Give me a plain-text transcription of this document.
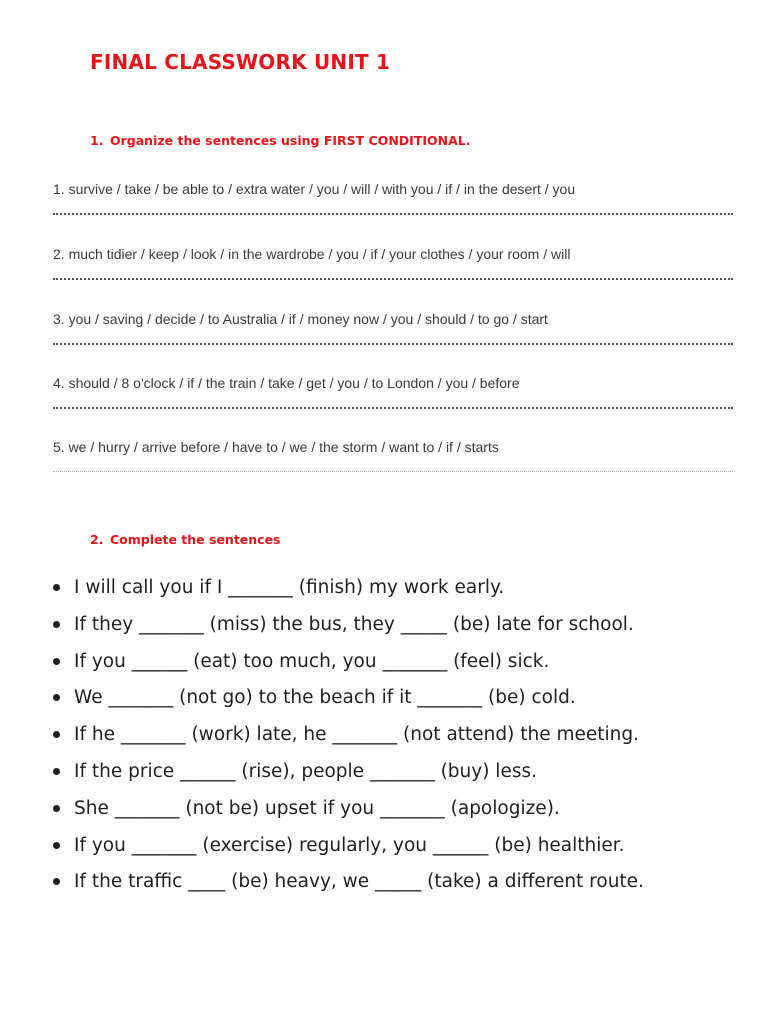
FINAL CLASSWORK UNIT 1
1. Organize the sentences using FIRST CONDITIONAL.
1. survive / take / be able to / extra water / you / will / with you / if / in the desert / you
2. much tidier / keep / look / in the wardrobe / you / if / your clothes / your room / will
3. you / saving / decide / to Australia / if / money now / you / should / to go / start
4. should / 8 o'clock / if / the train / take / get / you / to London / you / before
5. we / hurry / arrive before / have to / we / the storm / want to / if / starts
2. Complete the sentences
I will call you if I _______ (finish) my work early.
If they _______ (miss) the bus, they _____ (be) late for school.
If you ______ (eat) too much, you _______ (feel) sick.
We _______ (not go) to the beach if it _______ (be) cold.
If he _______ (work) late, he _______ (not attend) the meeting.
If the price ______ (rise), people _______ (buy) less.
She _______ (not be) upset if you _______ (apologize).
If you _______ (exercise) regularly, you ______ (be) healthier.
If the traffic ____ (be) heavy, we _____ (take) a different route.
